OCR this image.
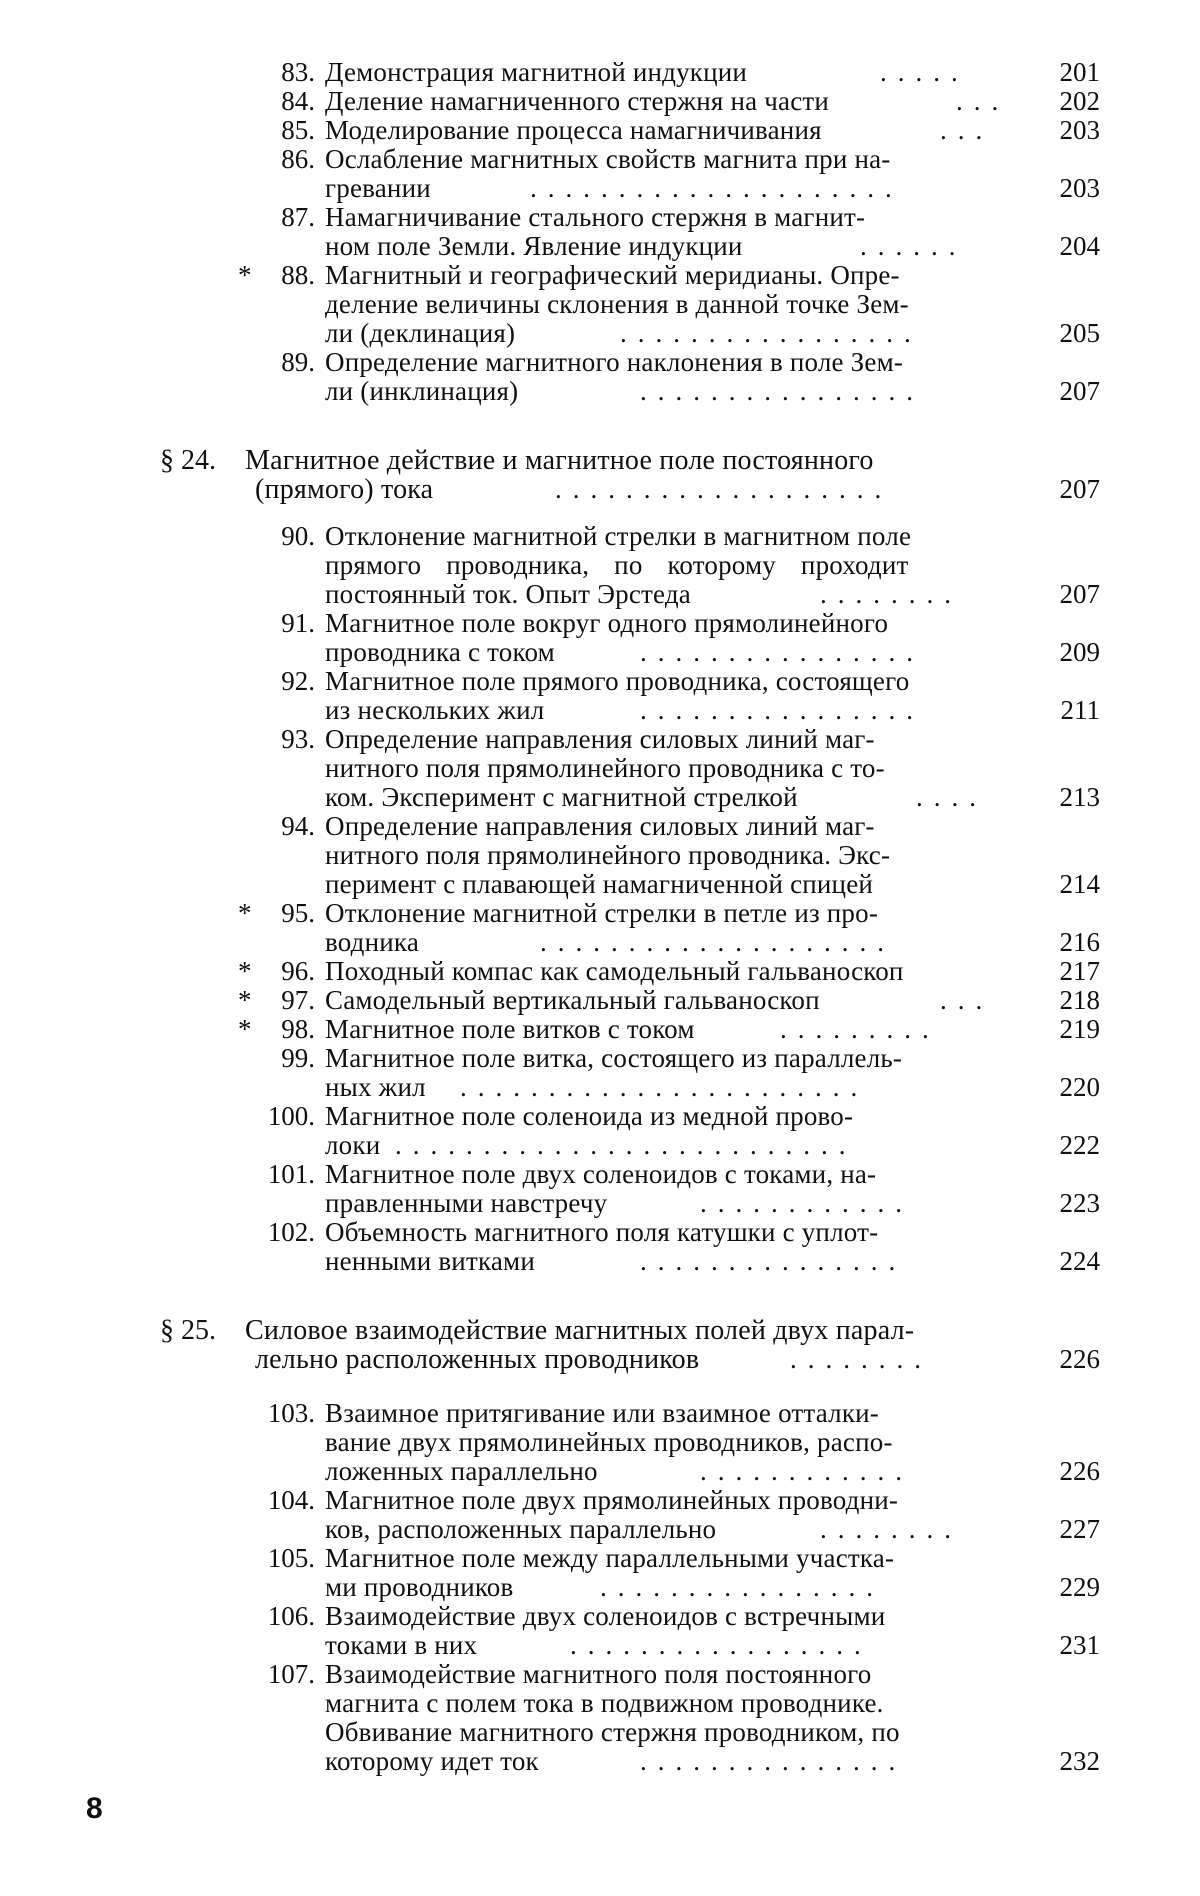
83. Демонстрация магнитной индукции	.....	201
84. Деление намагниченного стержня на части	...	202
85. Моделирование процесса намагничивания	...	203
86. Ослабление магнитных свойств магнита при на-
гревании	.....................	203
87. Намагничивание стального стержня в магнит-
ном поле Земли. Явление индукции	......	204
*	88. Магнитный и географический меридианы. Опре-
деление величины склонения в данной точке Зем-
ли (деклинация)	.................	205
89. Определение магнитного наклонения в поле Зем-
ли (инклинация)	................	207
§ 24. Магнитное действие и магнитное поле постоянного
(прямого) тока	...................	207
90. Отклонение магнитной стрелки в магнитном поле
прямого проводника, по которому проходит
постоянный ток. Опыт Эрстеда	........	207
91. Магнитное поле вокруг одного прямолинейного
проводника с током	................	209
92. Магнитное поле прямого проводника, состоящего
из нескольких жил	................	211
93. Определение направления силовых линий маг-
нитного поля прямолинейного проводника с то-
ком. Эксперимент с магнитной стрелкой	....	213
94. Определение направления силовых линий маг-
нитного поля прямолинейного проводника. Экс-
перимент с плавающей намагниченной спицей	214
*	95. Отклонение магнитной стрелки в петле из про-
водника	....................	216
*	96. Походный компас как самодельный гальваноскоп	217
*	97. Самодельный вертикальный гальваноскоп	...	218
*	98. Магнитное поле витков с током	.........	219
99. Магнитное поле витка, состоящего из параллель-
ных жил .......................	220
100. Магнитное поле соленоида из медной прово-
локи ..........................	222
101. Магнитное поле двух соленоидов с токами, на-
правленными навстречу	............	223
102. Объемность магнитного поля катушки с уплот-
ненными витками	...............	224
§ 25. Силовое взаимодействие магнитных полей двух парал-
лельно расположенных проводников	........	226
103. Взаимное притягивание или взаимное отталки-
вание двух прямолинейных проводников, распо-
ложенных параллельно	............	226
104. Магнитное поле двух прямолинейных проводни-
ков, расположенных параллельно	........	227
105. Магнитное поле между параллельными участка-
ми проводников	................	229
106. Взаимодействие двух соленоидов с встречными
токами в них	.................	231
107. Взаимодействие магнитного поля постоянного
магнита с полем тока в подвижном проводнике.
Обвивание магнитного стержня проводником, по
которому идет ток	...............	232
8
